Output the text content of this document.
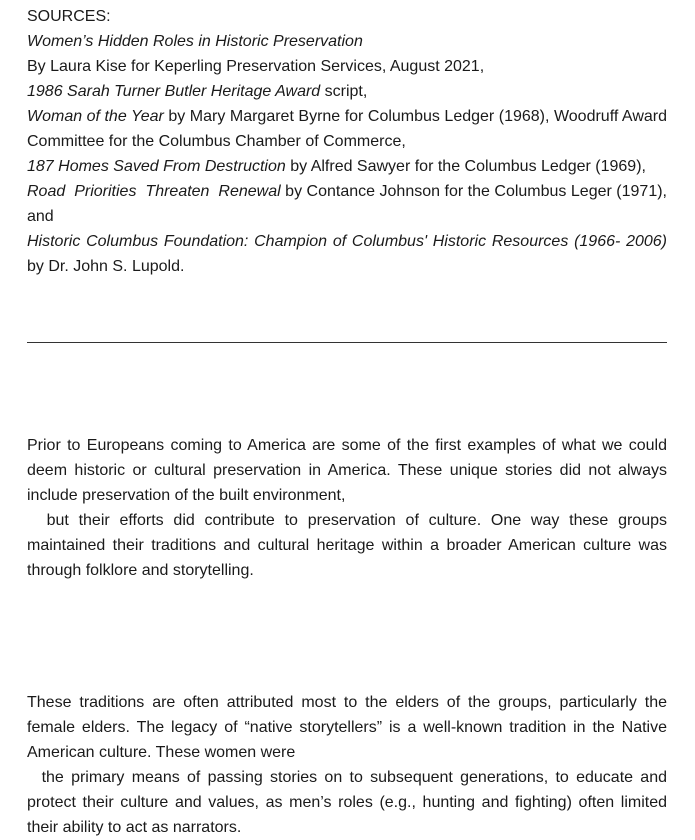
SOURCES:
Women’s Hidden Roles in Historic Preservation
By Laura Kise for Keperling Preservation Services, August 2021,
1986 Sarah Turner Butler Heritage Award script,
Woman of the Year by Mary Margaret Byrne for Columbus Ledger (1968), Woodruff Award
Committee for the Columbus Chamber of Commerce,
187 Homes Saved From Destruction by Alfred Sawyer for the Columbus Ledger (1969),
Road  Priorities  Threaten  Renewal by Contance Johnson for the Columbus Leger (1971),
and
Historic Columbus Foundation: Champion of Columbus' Historic Resources (1966- 2006)
by Dr. John S. Lupold.
Prior to Europeans coming to America are some of the first examples of what we could
deem historic or cultural preservation in America. These unique stories did not always
include preservation of the built environment,
but their efforts did contribute to preservation of culture. One way these groups
maintained their traditions and cultural heritage within a broader American culture was
through folklore and storytelling.
These traditions are often attributed most to the elders of the groups, particularly the
female elders. The legacy of “native storytellers” is a well-known tradition in the Native
American culture. These women were
the primary means of passing stories on to subsequent generations, to educate and
protect their culture and values, as men’s roles (e.g., hunting and fighting) often limited
their ability to act as narrators.
